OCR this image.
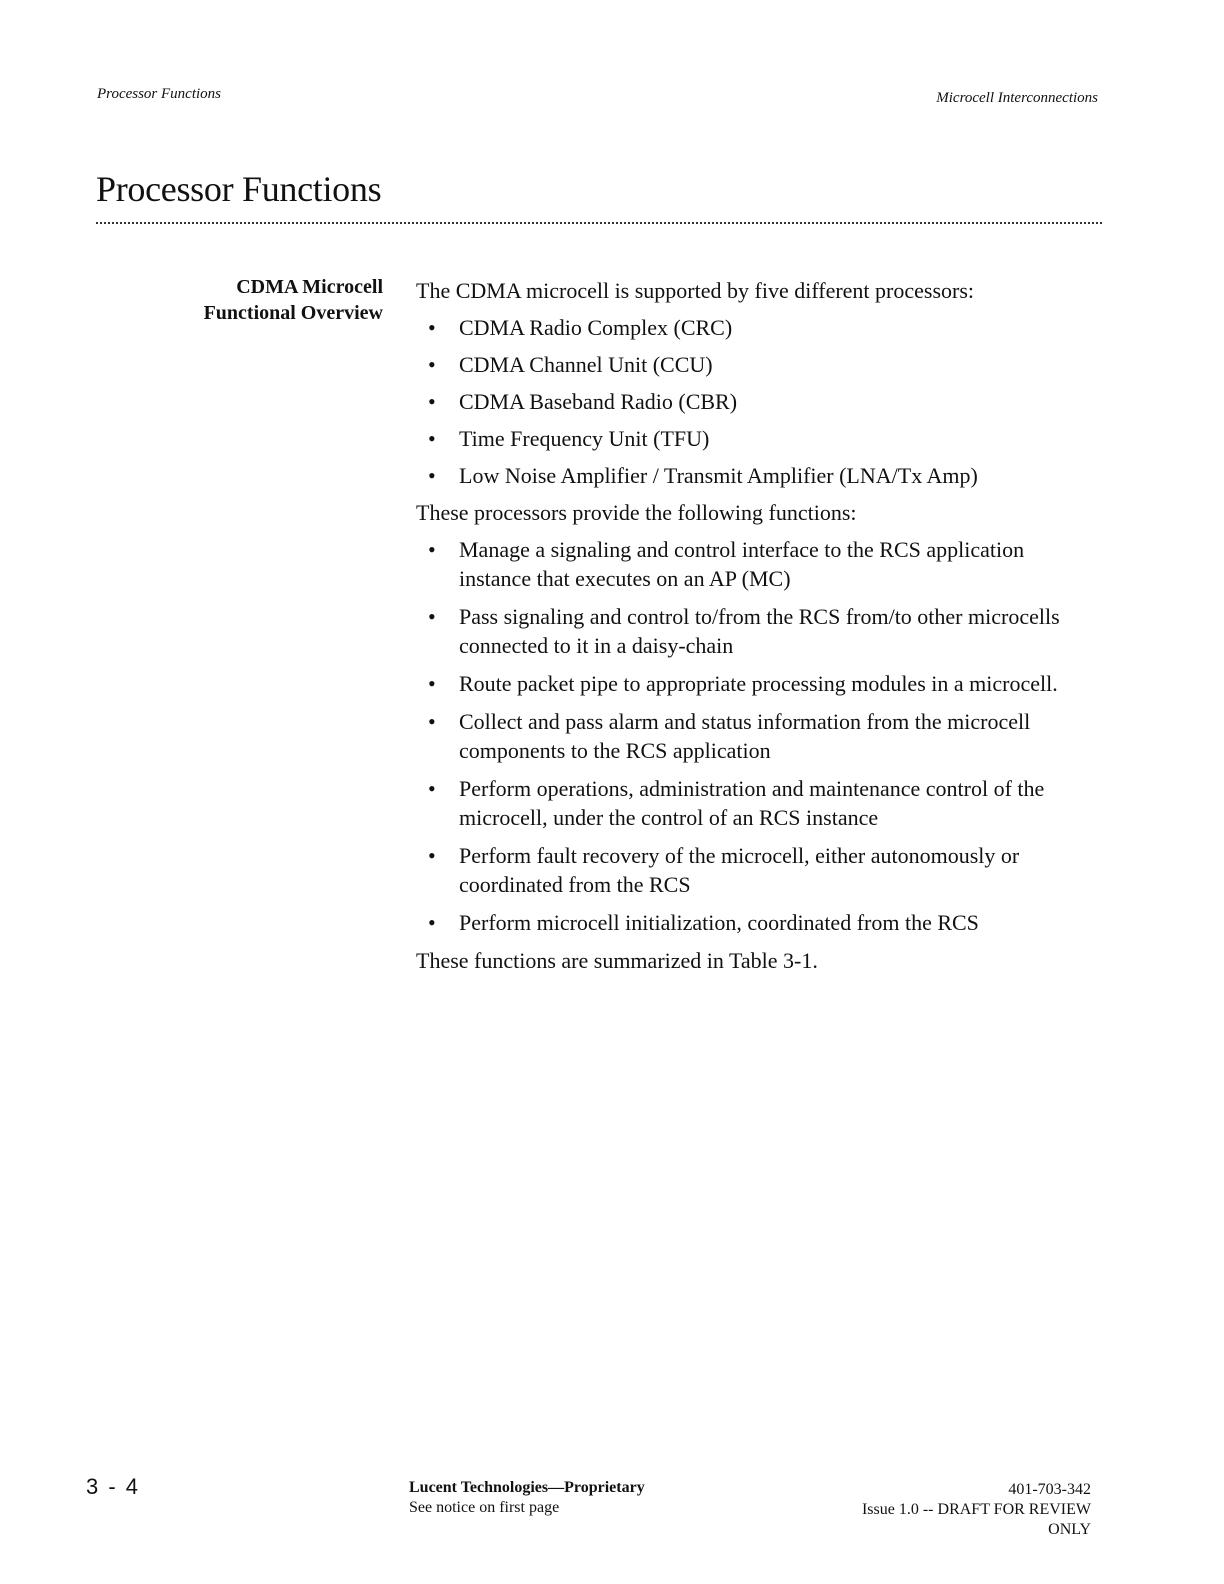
Processor Functions	Microcell Interconnections
Processor Functions
CDMA Microcell
Functional Overview

The CDMA microcell is supported by five different processors:

• CDMA Radio Complex (CRC)
• CDMA Channel Unit (CCU)
• CDMA Baseband Radio (CBR)
• Time Frequency Unit (TFU)
• Low Noise Amplifier / Transmit Amplifier (LNA/Tx Amp)

These processors provide the following functions:

• Manage a signaling and control interface to the RCS application instance that executes on an AP (MC)
• Pass signaling and control to/from the RCS from/to other microcells connected to it in a daisy-chain
• Route packet pipe to appropriate processing modules in a microcell.
• Collect and pass alarm and status information from the microcell components to the RCS application
• Perform operations, administration and maintenance control of the microcell, under the control of an RCS instance
• Perform fault recovery of the microcell, either autonomously or coordinated from the RCS
• Perform microcell initialization, coordinated from the RCS

These functions are summarized in Table 3-1.

3 - 4	Lucent Technologies—Proprietary
See notice on first page
401-703-342
Issue 1.0 -- DRAFT FOR REVIEW
ONLY
